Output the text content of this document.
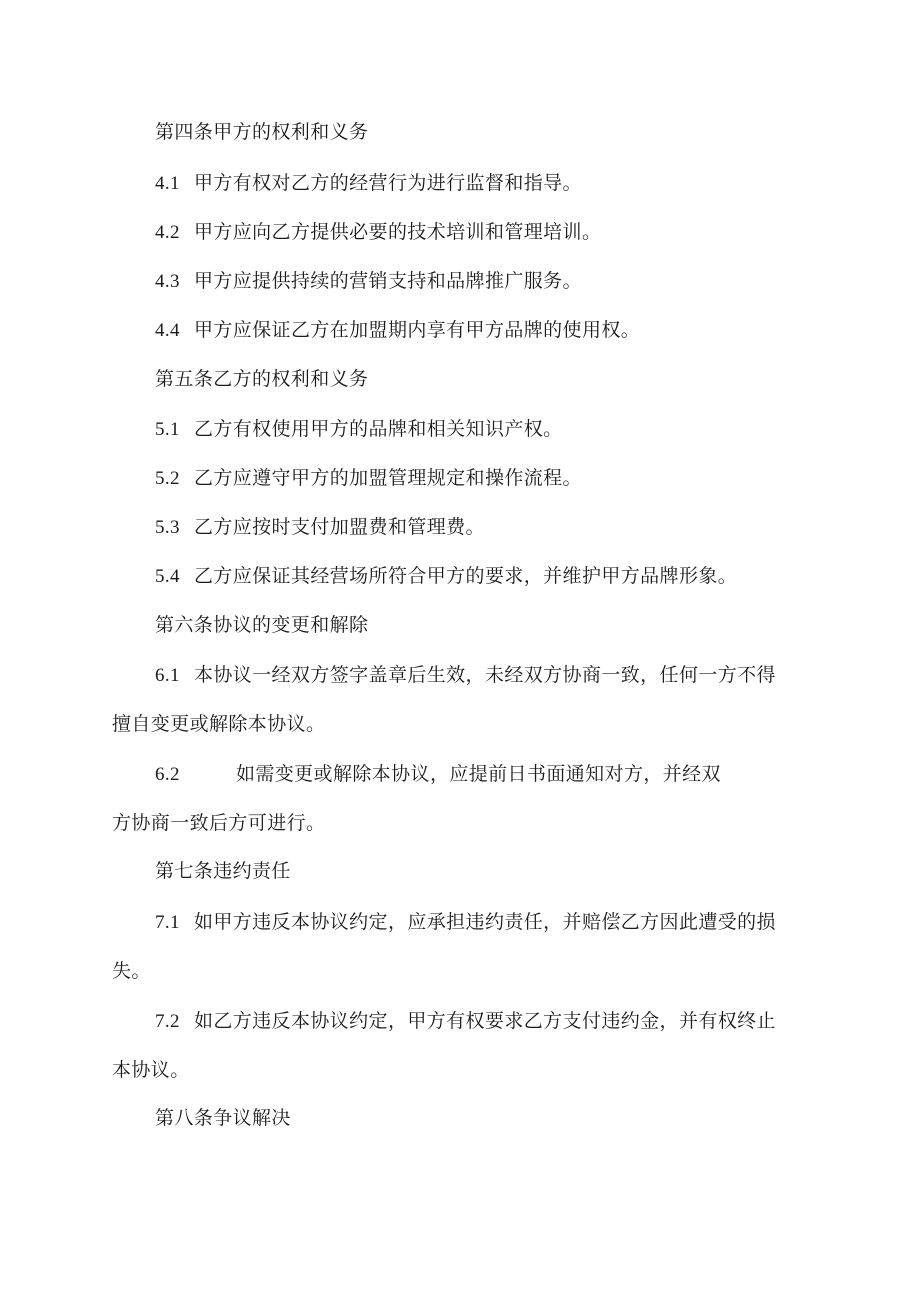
第四条甲方的权利和义务
4.1 甲方有权对乙方的经营行为进行监督和指导。
4.2 甲方应向乙方提供必要的技术培训和管理培训。
4.3 甲方应提供持续的营销支持和品牌推广服务。
4.4 甲方应保证乙方在加盟期内享有甲方品牌的使用权。
第五条乙方的权利和义务
5.1 乙方有权使用甲方的品牌和相关知识产权。
5.2 乙方应遵守甲方的加盟管理规定和操作流程。
5.3 乙方应按时支付加盟费和管理费。
5.4 乙方应保证其经营场所符合甲方的要求，并维护甲方品牌形象。
第六条协议的变更和解除
6.1 本协议一经双方签字盖章后生效，未经双方协商一致，任何一方不得
擅自变更或解除本协议。
6.2	如需变更或解除本协议，应提前日书面通知对方，并经双
方协商一致后方可进行。
第七条违约责任
7.1 如甲方违反本协议约定，应承担违约责任，并赔偿乙方因此遭受的损
失。
7.2 如乙方违反本协议约定，甲方有权要求乙方支付违约金，并有权终止
本协议。
第八条争议解决
